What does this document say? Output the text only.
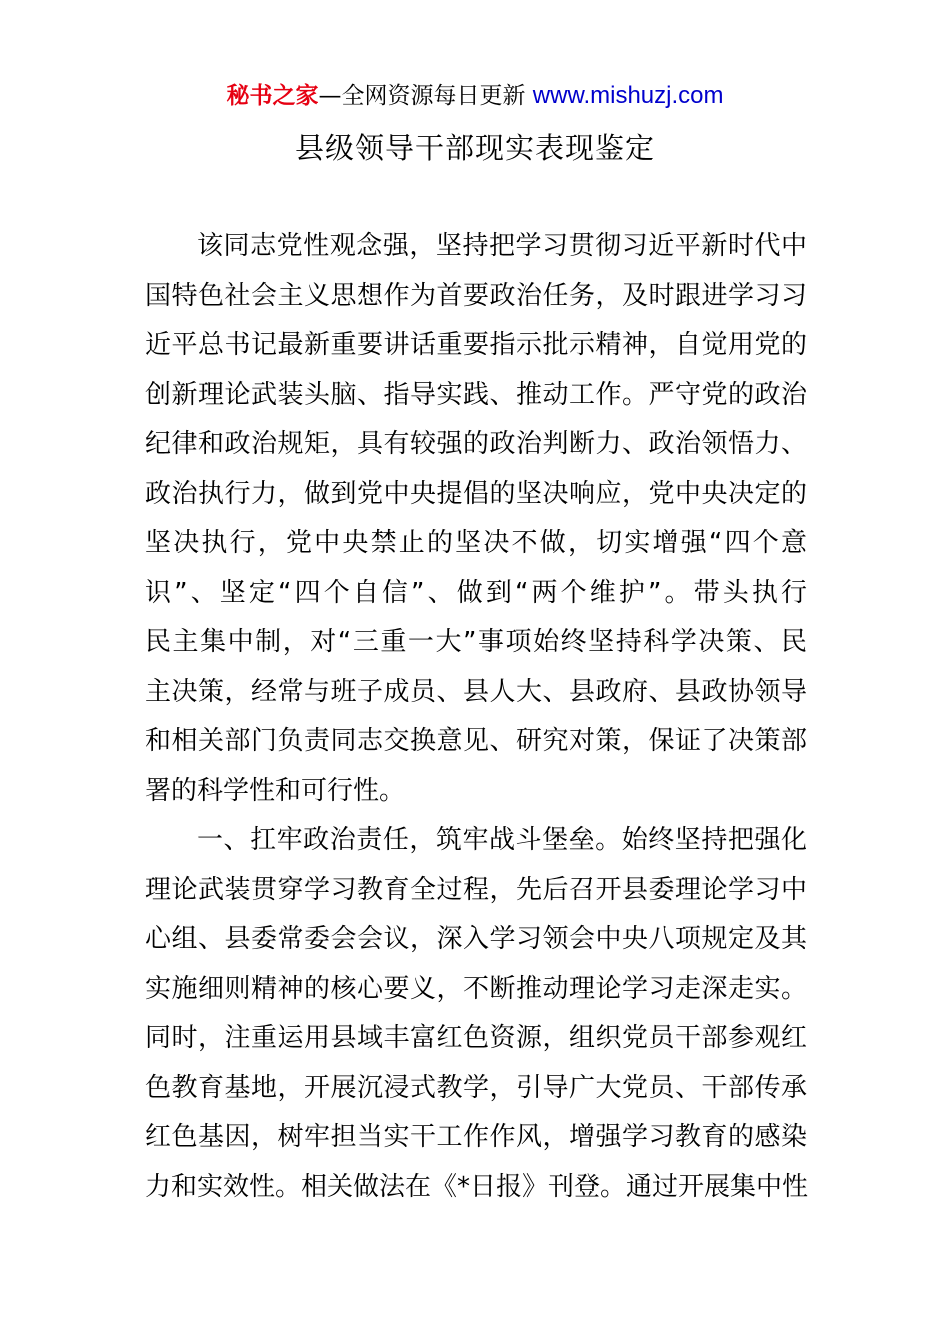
秘书之家—全网资源每日更新 www.mishuzj.com
县级领导干部现实表现鉴定
该同志党性观念强，坚持把学习贯彻习近平新时代中
国特色社会主义思想作为首要政治任务，及时跟进学习习
近平总书记最新重要讲话重要指示批示精神，自觉用党的
创新理论武装头脑、指导实践、推动工作。严守党的政治
纪律和政治规矩，具有较强的政治判断力、政治领悟力、
政治执行力，做到党中央提倡的坚决响应，党中央决定的
坚决执行，党中央禁止的坚决不做，切实增强“四个意
识”、坚定“四个自信”、做到“两个维护”。带头执行
民主集中制，对“三重一大”事项始终坚持科学决策、民
主决策，经常与班子成员、县人大、县政府、县政协领导
和相关部门负责同志交换意见、研究对策，保证了决策部
署的科学性和可行性。
一、扛牢政治责任，筑牢战斗堡垒。始终坚持把强化
理论武装贯穿学习教育全过程，先后召开县委理论学习中
心组、县委常委会会议，深入学习领会中央八项规定及其
实施细则精神的核心要义，不断推动理论学习走深走实。
同时，注重运用县域丰富红色资源，组织党员干部参观红
色教育基地，开展沉浸式教学，引导广大党员、干部传承
红色基因，树牢担当实干工作作风，增强学习教育的感染
力和实效性。相关做法在《*日报》刊登。通过开展集中性
